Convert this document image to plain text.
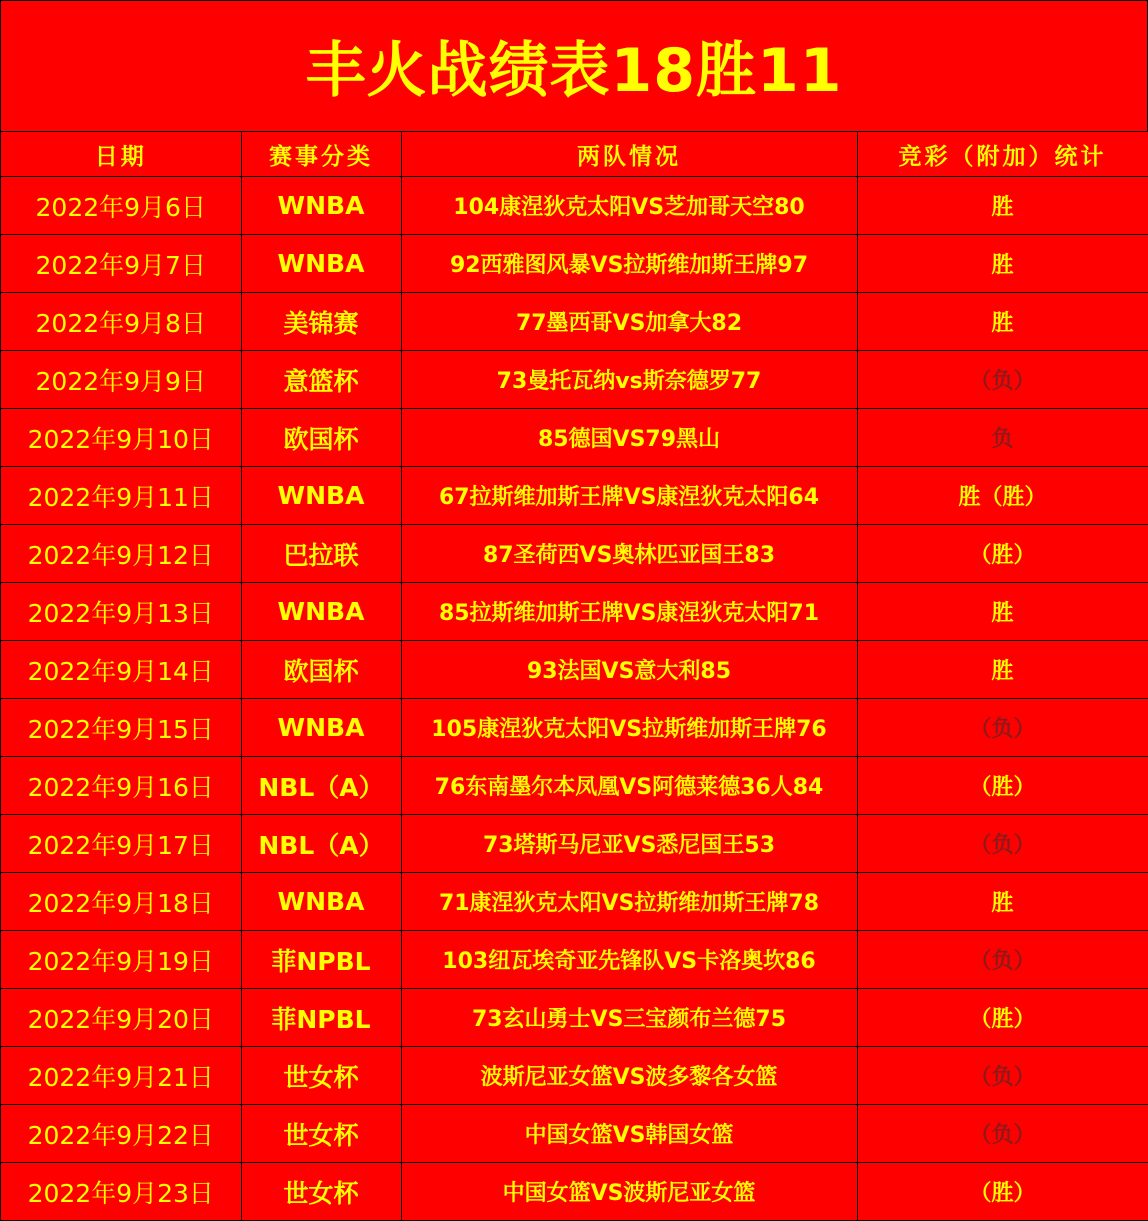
丰火战绩表18胜11
日期	赛事分类	两队情况	竞彩（附加）统计
2022年9月6日	WNBA	104康涅狄克太阳VS芝加哥天空80	胜
2022年9月7日	WNBA	92西雅图风暴VS拉斯维加斯王牌97	胜
2022年9月8日	美锦赛	77墨西哥VS加拿大82	胜
2022年9月9日	意篮杯	73曼托瓦纳vs斯奈德罗77	（负）
2022年9月10日	欧国杯	85德国VS79黑山	负
2022年9月11日	WNBA	67拉斯维加斯王牌VS康涅狄克太阳64	胜（胜）
2022年9月12日	巴拉联	87圣荷西VS奥林匹亚国王83	（胜）
2022年9月13日	WNBA	85拉斯维加斯王牌VS康涅狄克太阳71	胜
2022年9月14日	欧国杯	93法国VS意大利85	胜
2022年9月15日	WNBA	105康涅狄克太阳VS拉斯维加斯王牌76	（负）
2022年9月16日	NBL（A）	76东南墨尔本凤凰VS阿德莱德36人84	（胜）
2022年9月17日	NBL（A）	73塔斯马尼亚VS悉尼国王53	（负）
2022年9月18日	WNBA	71康涅狄克太阳VS拉斯维加斯王牌78	胜
2022年9月19日	菲NPBL	103纽瓦埃奇亚先锋队VS卡洛奥坎86	（负）
2022年9月20日	菲NPBL	73玄山勇士VS三宝颜布兰德75	（胜）
2022年9月21日	世女杯	波斯尼亚女篮VS波多黎各女篮	（负）
2022年9月22日	世女杯	中国女篮VS韩国女篮	（负）
2022年9月23日	世女杯	中国女篮VS波斯尼亚女篮	（胜）
